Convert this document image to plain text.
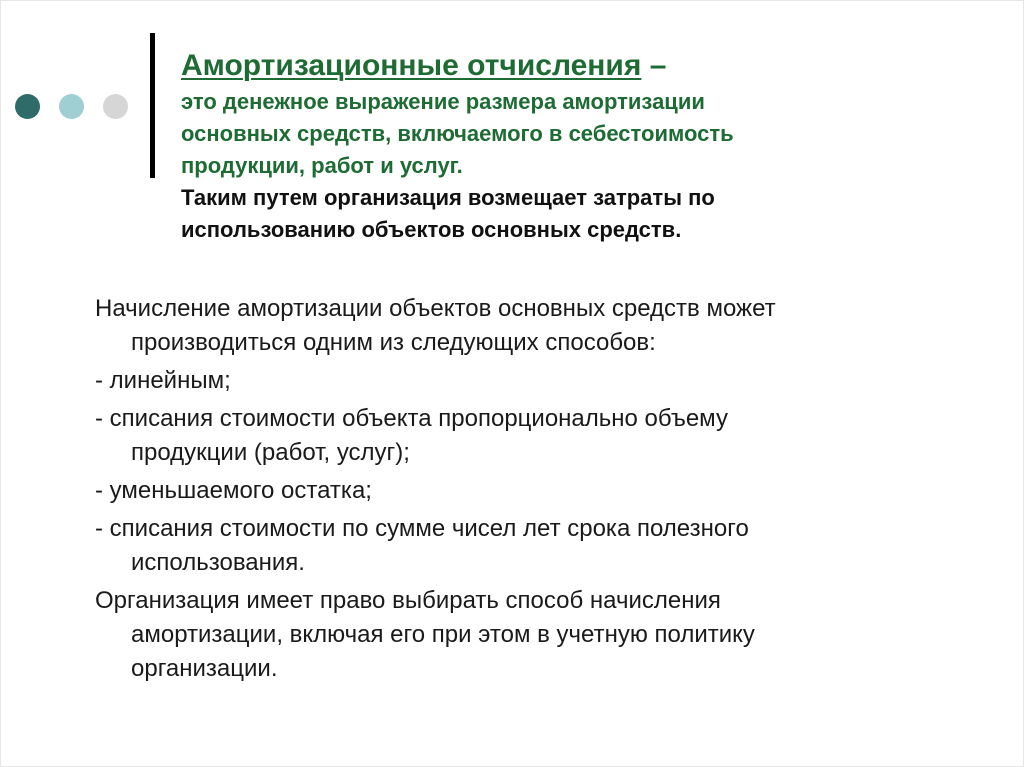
Амортизационные отчисления –
это денежное выражение размера амортизации
основных средств, включаемого в себестоимость
продукции, работ и услуг.
Таким путем организация возмещает затраты по
использованию объектов основных средств.
Начисление амортизации объектов основных средств может
производиться одним из следующих способов:
- линейным;
- списания стоимости объекта пропорционально объему
продукции (работ, услуг);
- уменьшаемого остатка;
- списания стоимости по сумме чисел лет срока полезного
использования.
Организация имеет право выбирать способ начисления
амортизации, включая его при этом в учетную политику
организации.
